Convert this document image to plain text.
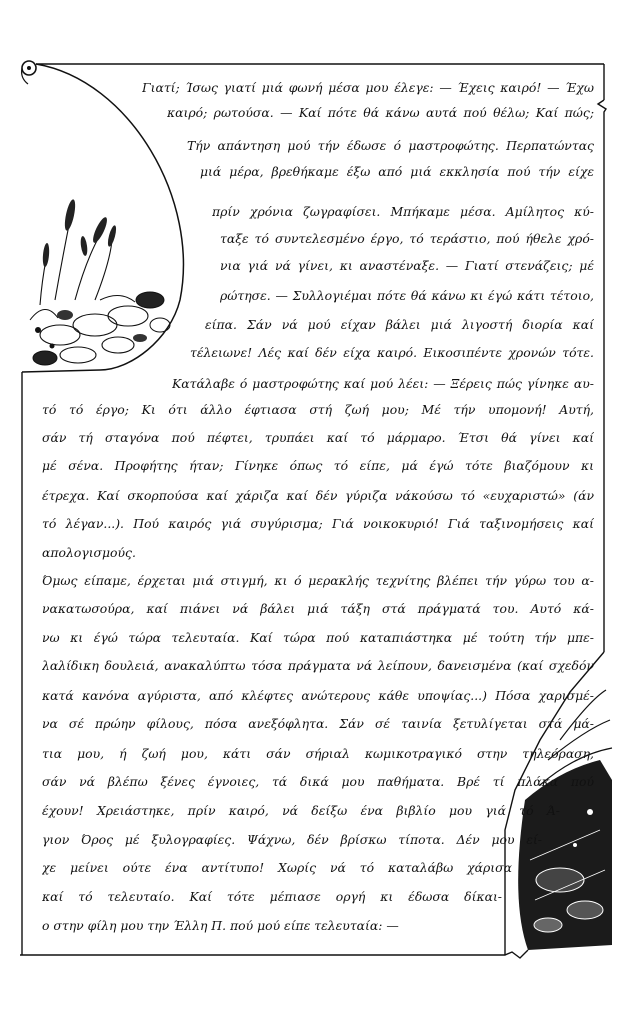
Γιατί; Ίσως γιατί μιά φωνή μέσα μου έλεγε: — Έχεις καιρό! — Έχω
καιρό; ρωτούσα. — Καί πότε θά κάνω αυτά πού θέλω; Καί πώς;
Τήν απάντηση μού τήν έδωσε ό μαστροφώτης. Περπατώντας
μιά μέρα, βρεθήκαμε έξω από μιά εκκλησία πού τήν είχε
πρίν χρόνια ζωγραφίσει. Μπήκαμε μέσα. Αμίλητος κύ-
ταξε τό συντελεσμένο έργο, τό τεράστιο, πού ήθελε χρό-
νια γιά νά γίνει, κι αναστέναξε. — Γιατί στενάζεις; μέ
ρώτησε. — Συλλογιέμαι πότε θά κάνω κι έγώ κάτι τέτοιο,
είπα. Σάν νά μού είχαν βάλει μιά λιγοστή διορία καί
τέλειωνε! Λές καί δέν είχα καιρό. Εικοσιπέντε χρονών τότε.
Κατάλαβε ό μαστροφώτης καί μού λέει: — Ξέρεις πώς γίνηκε αυ-
τό τό έργο; Κι ότι άλλο έφτιασα στή ζωή μου; Μέ τήν υπομονή! Αυτή,
σάν τή σταγόνα πού πέφτει, τρυπάει καί τό μάρμαρο. Έτσι θά γίνει καί
μέ σένα. Προφήτης ήταν; Γίνηκε όπως τό είπε, μά έγώ τότε βιαζόμουν κι
έτρεχα. Καί σκορπούσα καί χάριζα καί δέν γύριζα νάκούσω τό «ευχαριστώ» (άν
τό λέγαν...). Πού καιρός γιά συγύρισμα; Γιά νοικοκυριό! Γιά ταξινομήσεις καί
απολογισμούς.
Όμως είπαμε, έρχεται μιά στιγμή, κι ό μερακλής τεχνίτης βλέπει τήν γύρω του α-
νακατωσούρα, καί πιάνει νά βάλει μιά τάξη στά πράγματά του. Αυτό κά-
νω κι έγώ τώρα τελευταία. Καί τώρα πού καταπιάστηκα μέ τούτη τήν μπε-
λαλίδικη δουλειά, ανακαλύπτω τόσα πράγματα νά λείπουν, δανεισμένα (καί σχεδόν
κατά κανόνα αγύριστα, από κλέφτες ανώτερους κάθε υποψίας...) Πόσα χαρισμέ-
να σέ πρώην φίλους, πόσα ανεξόφλητα. Σάν σέ ταινία ξετυλίγεται στά μά-
τια μου, ή ζωή μου, κάτι σάν σήριαλ κωμικοτραγικό στην τηλεόραση,
σάν νά βλέπω ξένες έγνοιες, τά δικά μου παθήματα. Βρέ τί πλάκα πού
έχουν! Χρειάστηκε, πρίν καιρό, νά δείξω ένα βιβλίο μου γιά τό Ά-
γιον Όρος μέ ξυλογραφίες. Ψάχνω, δέν βρίσκω τίποτα. Δέν μου εί-
χε μείνει ούτε ένα αντίτυπο! Χωρίς νά τό καταλάβω χάρισα
καί τό τελευταίο. Καί τότε μέπιασε οργή κι έδωσα δίκαι-
ο στην φίλη μου την Έλλη Π. πού μού είπε τελευταία: —
